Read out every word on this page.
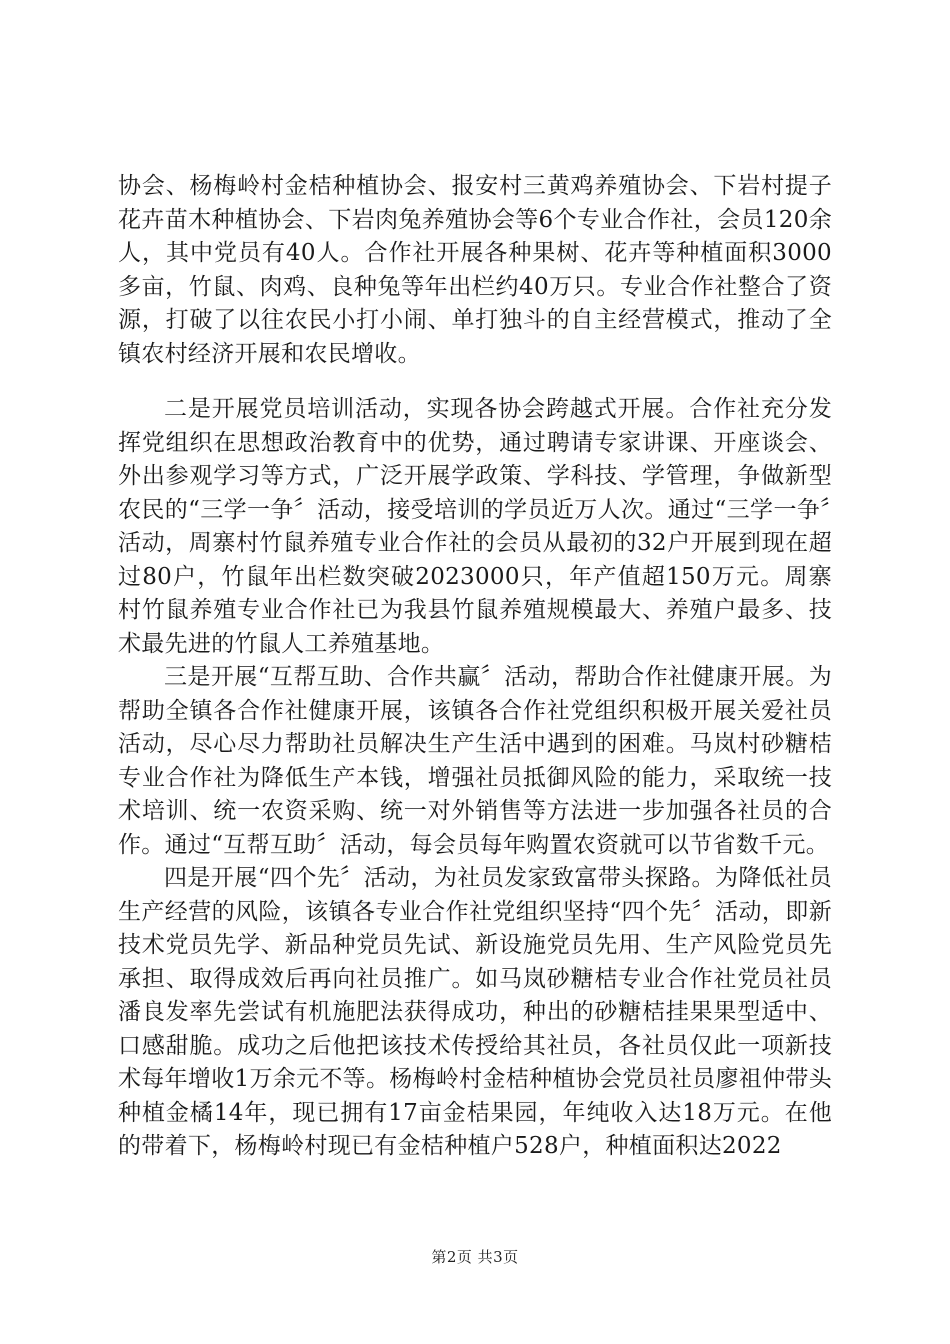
协会、杨梅岭村金桔种植协会、报安村三黄鸡养殖协会、下岩村提子花卉苗木种植协会、下岩肉兔养殖协会等6个专业合作社，会员120余人，其中党员有40人。合作社开展各种果树、花卉等种植面积3000多亩，竹鼠、肉鸡、良种兔等年出栏约40万只。专业合作社整合了资源，打破了以往农民小打小闹、单打独斗的自主经营模式，推动了全镇农村经济开展和农民增收。

二是开展党员培训活动，实现各协会跨越式开展。合作社充分发挥党组织在思想政治教育中的优势，通过聘请专家讲课、开座谈会、外出参观学习等方式，广泛开展学政策、学科技、学管理，争做新型农民的“三学一争〞活动，接受培训的学员近万人次。通过“三学一争〞活动，周寨村竹鼠养殖专业合作社的会员从最初的32户开展到现在超过80户，竹鼠年出栏数突破2023000只，年产值超150万元。周寨村竹鼠养殖专业合作社已为我县竹鼠养殖规模最大、养殖户最多、技术最先进的竹鼠人工养殖基地。

三是开展“互帮互助、合作共赢〞活动，帮助合作社健康开展。为帮助全镇各合作社健康开展，该镇各合作社党组织积极开展关爱社员活动，尽心尽力帮助社员解决生产生活中遇到的困难。马岚村砂糖桔专业合作社为降低生产本钱，增强社员抵御风险的能力，采取统一技术培训、统一农资采购、统一对外销售等方法进一步加强各社员的合作。通过“互帮互助〞活动，每会员每年购置农资就可以节省数千元。

四是开展“四个先〞活动，为社员发家致富带头探路。为降低社员生产经营的风险，该镇各专业合作社党组织坚持“四个先〞活动，即新技术党员先学、新品种党员先试、新设施党员先用、生产风险党员先承担、取得成效后再向社员推广。如马岚砂糖桔专业合作社党员社员潘良发率先尝试有机施肥法获得成功，种出的砂糖桔挂果果型适中、口感甜脆。成功之后他把该技术传授给其社员，各社员仅此一项新技术每年增收1万余元不等。杨梅岭村金桔种植协会党员社员廖祖仲带头种植金橘14年，现已拥有17亩金桔果园，年纯收入达18万元。在他的带着下，杨梅岭村现已有金桔种植户528户，种植面积达2022

第2页 共3页
